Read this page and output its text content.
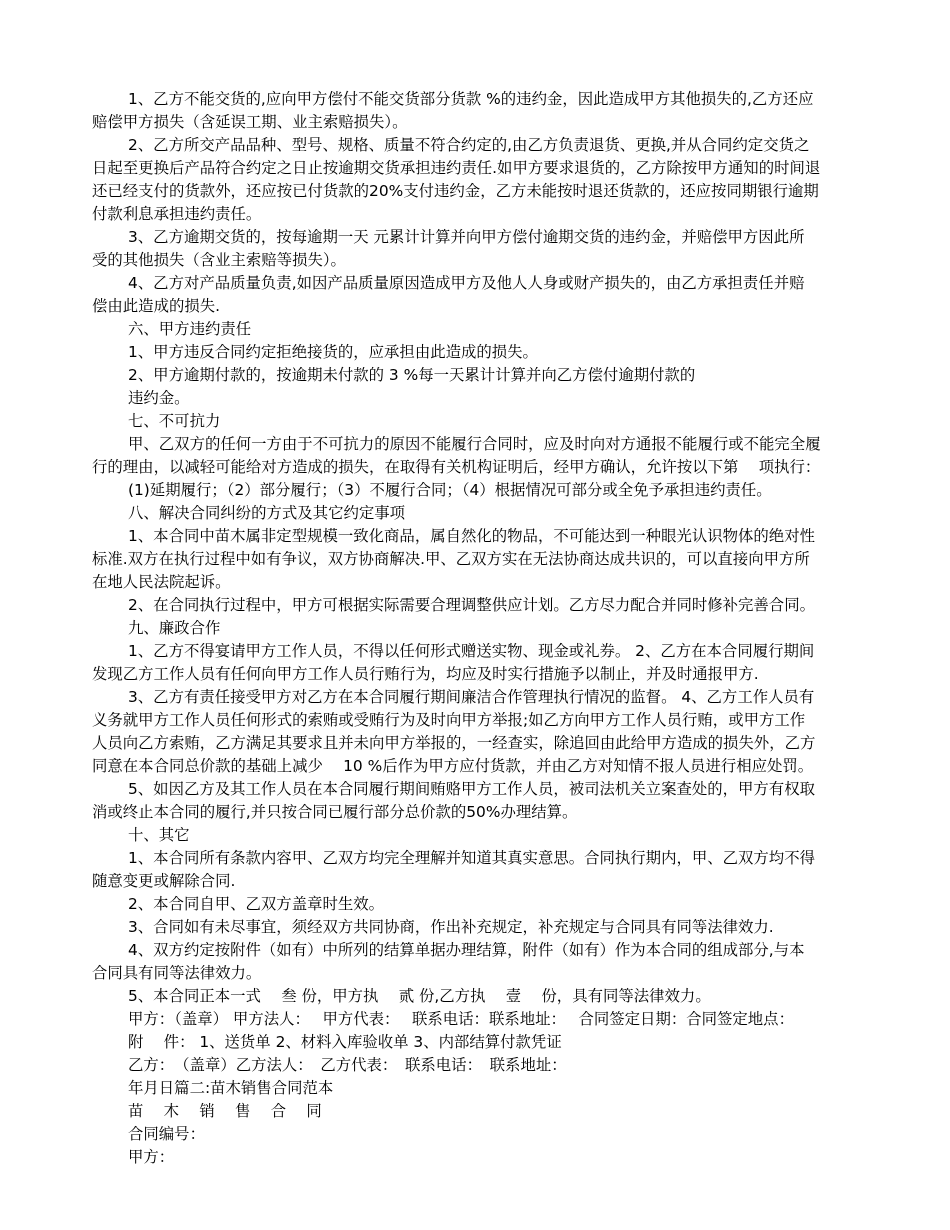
1、乙方不能交货的,应向甲方偿付不能交货部分货款 %的违约金，因此造成甲方其他损失的,乙方还应
赔偿甲方损失（含延误工期、业主索赔损失）。
2、乙方所交产品品种、型号、规格、质量不符合约定的,由乙方负责退货、更换,并从合同约定交货之
日起至更换后产品符合约定之日止按逾期交货承担违约责任.如甲方要求退货的，乙方除按甲方通知的时间退
还已经支付的货款外，还应按已付货款的20%支付违约金，乙方未能按时退还货款的，还应按同期银行逾期
付款利息承担违约责任。
3、乙方逾期交货的，按每逾期一天 元累计计算并向甲方偿付逾期交货的违约金，并赔偿甲方因此所
受的其他损失（含业主索赔等损失）。
4、乙方对产品质量负责,如因产品质量原因造成甲方及他人人身或财产损失的，由乙方承担责任并赔
偿由此造成的损失.
六、甲方违约责任
1、甲方违反合同约定拒绝接货的，应承担由此造成的损失。
2、甲方逾期付款的，按逾期未付款的 3 %每一天累计计算并向乙方偿付逾期付款的
违约金。
七、不可抗力
甲、乙双方的任何一方由于不可抗力的原因不能履行合同时，应及时向对方通报不能履行或不能完全履
行的理由，以减轻可能给对方造成的损失，在取得有关机构证明后，经甲方确认，允许按以下第　 项执行：
(1)延期履行；（2）部分履行；（3）不履行合同；（4）根据情况可部分或全免予承担违约责任。
八、解决合同纠纷的方式及其它约定事项
1、本合同中苗木属非定型规模一致化商品，属自然化的物品，不可能达到一种眼光认识物体的绝对性
标准.双方在执行过程中如有争议，双方协商解决.甲、乙双方实在无法协商达成共识的，可以直接向甲方所
在地人民法院起诉。
2、在合同执行过程中，甲方可根据实际需要合理调整供应计划。乙方尽力配合并同时修补完善合同。
九、廉政合作
1、乙方不得宴请甲方工作人员，不得以任何形式赠送实物、现金或礼券。 2、乙方在本合同履行期间
发现乙方工作人员有任何向甲方工作人员行贿行为，均应及时实行措施予以制止，并及时通报甲方.
3、乙方有责任接受甲方对乙方在本合同履行期间廉洁合作管理执行情况的监督。 4、乙方工作人员有
义务就甲方工作人员任何形式的索贿或受贿行为及时向甲方举报;如乙方向甲方工作人员行贿，或甲方工作
人员向乙方索贿，乙方满足其要求且并未向甲方举报的，一经查实，除追回由此给甲方造成的损失外，乙方
同意在本合同总价款的基础上减少　 10 %后作为甲方应付货款，并由乙方对知情不报人员进行相应处罚。
5、如因乙方及其工作人员在本合同履行期间贿赂甲方工作人员，被司法机关立案查处的，甲方有权取
消或终止本合同的履行,并只按合同已履行部分总价款的50%办理结算。
十、其它
1、本合同所有条款内容甲、乙双方均完全理解并知道其真实意思。合同执行期内，甲、乙双方均不得
随意变更或解除合同.
2、本合同自甲、乙双方盖章时生效。
3、合同如有未尽事宜，须经双方共同协商，作出补充规定，补充规定与合同具有同等法律效力.
4、双方约定按附件（如有）中所列的结算单据办理结算，附件（如有）作为本合同的组成部分,与本
合同具有同等法律效力。
5、本合同正本一式　 叁 份，甲方执　 贰 份,乙方执　 壹　 份，具有同等法律效力。
甲方：（盖章） 甲方法人：　 甲方代表：　 联系电话：联系地址：　 合同签定日期：合同签定地点：
附　 件： 1、送货单 2、材料入库验收单 3、内部结算付款凭证
乙方：　（盖章）乙方法人：　乙方代表：　联系电话：　联系地址：
年月日篇二:苗木销售合同范本
苗　 木　 销　 售　 合　 同
合同编号：
甲方：
